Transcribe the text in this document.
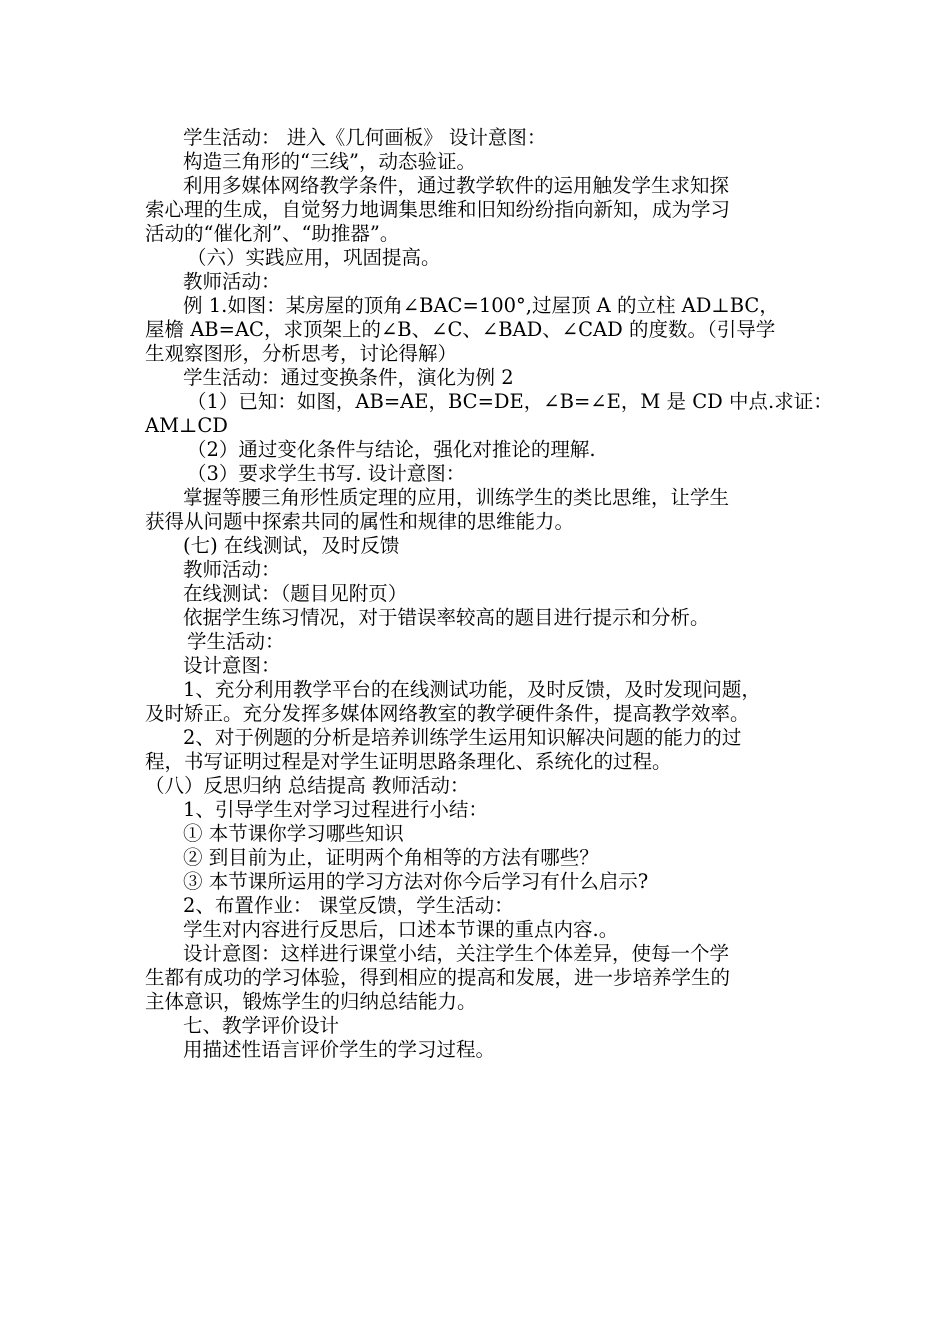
学生活动： 进入《几何画板》 设计意图：

构造三角形的“三线”，动态验证。

利用多媒体网络教学条件，通过教学软件的运用触发学生求知探

索心理的生成，自觉努力地调集思维和旧知纷纷指向新知，成为学习

活动的“催化剂”、“助推器”。

（六）实践应用，巩固提高。

教师活动：

例 1.如图：某房屋的顶角∠BAC=100°,过屋顶 A 的立柱 AD⊥BC，

屋檐 AB=AC，求顶架上的∠B、∠C、∠BAD、∠CAD 的度数。（引导学

生观察图形，分析思考，讨论得解）

学生活动：通过变换条件，演化为例 2

（1）已知：如图，AB=AE，BC=DE，∠B=∠E，M 是 CD 中点.求证：

AM⊥CD

（2）通过变化条件与结论，强化对推论的理解.

（3）要求学生书写. 设计意图：

掌握等腰三角形性质定理的应用，训练学生的类比思维，让学生

获得从问题中探索共同的属性和规律的思维能力。

(七) 在线测试，及时反馈

教师活动：

在线测试：（题目见附页）

依据学生练习情况，对于错误率较高的题目进行提示和分析。

学生活动：

设计意图：

1、充分利用教学平台的在线测试功能，及时反馈，及时发现问题，

及时矫正。充分发挥多媒体网络教室的教学硬件条件，提高教学效率。

2、对于例题的分析是培养训练学生运用知识解决问题的能力的过

程，书写证明过程是对学生证明思路条理化、系统化的过程。

（八）反思归纳 总结提高 教师活动：

1、引导学生对学习过程进行小结：

① 本节课你学习哪些知识

② 到目前为止，证明两个角相等的方法有哪些？

③ 本节课所运用的学习方法对你今后学习有什么启示?

2、布置作业： 课堂反馈，学生活动：

学生对内容进行反思后，口述本节课的重点内容.。

设计意图：这样进行课堂小结，关注学生个体差异，使每一个学

生都有成功的学习体验，得到相应的提高和发展，进一步培养学生的

主体意识，锻炼学生的归纳总结能力。

七、教学评价设计

用描述性语言评价学生的学习过程。
